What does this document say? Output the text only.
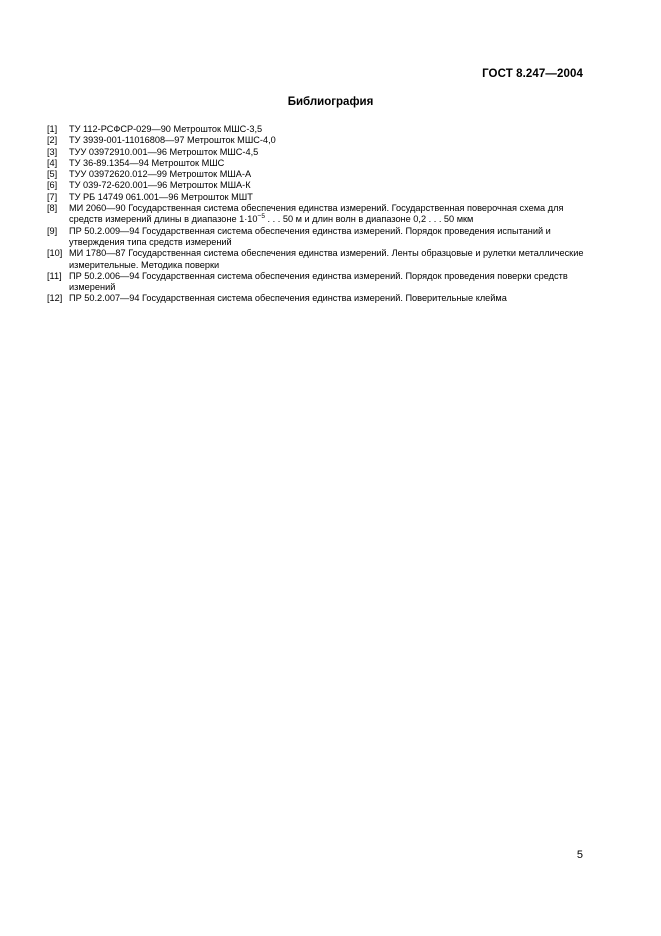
ГОСТ 8.247—2004
Библиография
[1]	ТУ 112-РСФСР-029—90 Метрошток МШС-3,5
[2]	ТУ 3939-001-11016808—97 Метрошток МШС-4,0
[3]	ТУУ 03972910.001—96 Метрошток МШС-4,5
[4]	ТУ 36-89.1354—94 Метрошток МШС
[5]	ТУУ 03972620.012—99 Метрошток МША-А
[6]	ТУ 039-72-620.001—96 Метрошток МША-К
[7]	ТУ РБ 14749 061.001—96 Метрошток МШТ
[8]	МИ 2060—90 Государственная система обеспечения единства измерений. Государственная поверочная схема для средств измерений длины в диапазоне $1\cdot 10^{-5}$ . . . 50 м и длин волн в диапазоне 0,2 . . . 50 мкм
[9]	ПР 50.2.009—94 Государственная система обеспечения единства измерений. Порядок проведения испытаний и утверждения типа средств измерений
[10] МИ 1780—87 Государственная система обеспечения единства измерений. Ленты образцовые и рулетки металлические измерительные. Методика поверки
[11] ПР 50.2.006—94 Государственная система обеспечения единства измерений. Порядок проведения поверки средств измерений
[12] ПР 50.2.007—94 Государственная система обеспечения единства измерений. Поверительные клейма
5
